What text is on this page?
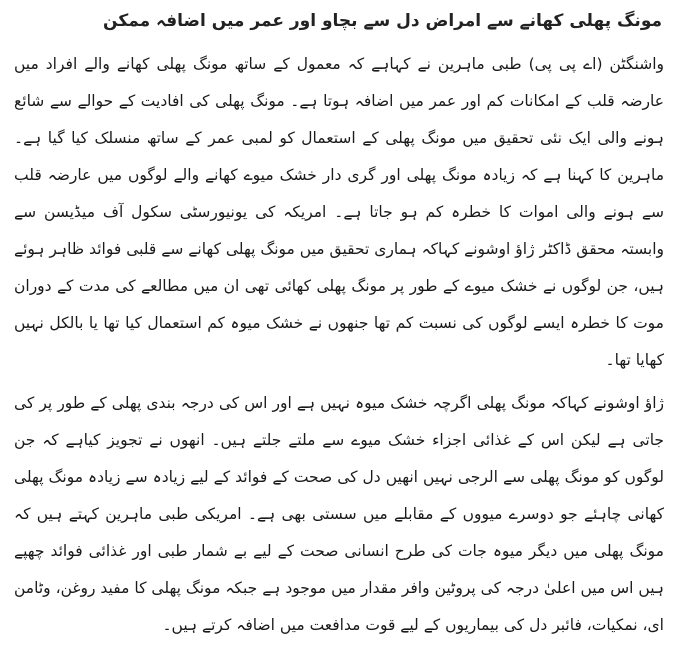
مونگ پھلی کھانے سے امراض دل سے بچاو اور عمر میں اضافہ ممکن

واشنگٹن (اے پی پی) طبی ماہرین نے کہاہے کہ معمول کے ساتھ مونگ پھلی کھانے والے افراد میں عارضہ قلب کے امکانات کم اور عمر میں اضافہ ہوتا ہے۔ مونگ پھلی کی افادیت کے حوالے سے شائع ہونے والی ایک نئی تحقیق میں مونگ پھلی کے استعمال کو لمبی عمر کے ساتھ منسلک کیا گیا ہے۔ ماہرین کا کہنا ہے کہ زیادہ مونگ پھلی اور گری دار خشک میوے کھانے والے لوگوں میں عارضہ قلب سے ہونے والی اموات کا خطرہ کم ہو جاتا ہے۔ امریکہ کی یونیورسٹی سکول آف میڈیسن سے وابستہ محقق ڈاکٹر ژاؤ اوشونے کہاکہ ہماری تحقیق میں مونگ پھلی کھانے سے قلبی فوائد ظاہر ہوئے ہیں، جن لوگوں نے خشک میوے کے طور پر مونگ پھلی کھائی تھی ان میں مطالعے کی مدت کے دوران موت کا خطرہ ایسے لوگوں کی نسبت کم تھا جنھوں نے خشک میوہ کم استعمال کیا تھا یا بالکل نہیں کھایا تھا۔

ژاؤ اوشونے کہاکہ مونگ پھلی اگرچہ خشک میوہ نہیں ہے اور اس کی درجہ بندی پھلی کے طور پر کی جاتی ہے لیکن اس کے غذائی اجزاء خشک میوے سے ملتے جلتے ہیں۔ انھوں نے تجویز کیاہے کہ جن لوگوں کو مونگ پھلی سے الرجی نہیں انھیں دل کی صحت کے فوائد کے لیے زیادہ سے زیادہ مونگ پھلی کھانی چاہئے جو دوسرے میووں کے مقابلے میں سستی بھی ہے۔ امریکی طبی ماہرین کہتے ہیں کہ مونگ پھلی میں دیگر میوہ جات کی طرح انسانی صحت کے لیے بے شمار طبی اور غذائی فوائد چھپے ہیں اس میں اعلیٰ درجہ کی پروٹین وافر مقدار میں موجود ہے جبکہ مونگ پھلی کا مفید روغن، وٹامن ای، نمکیات، فائبر دل کی بیماریوں کے لیے قوت مدافعت میں اضافہ کرتے ہیں۔
